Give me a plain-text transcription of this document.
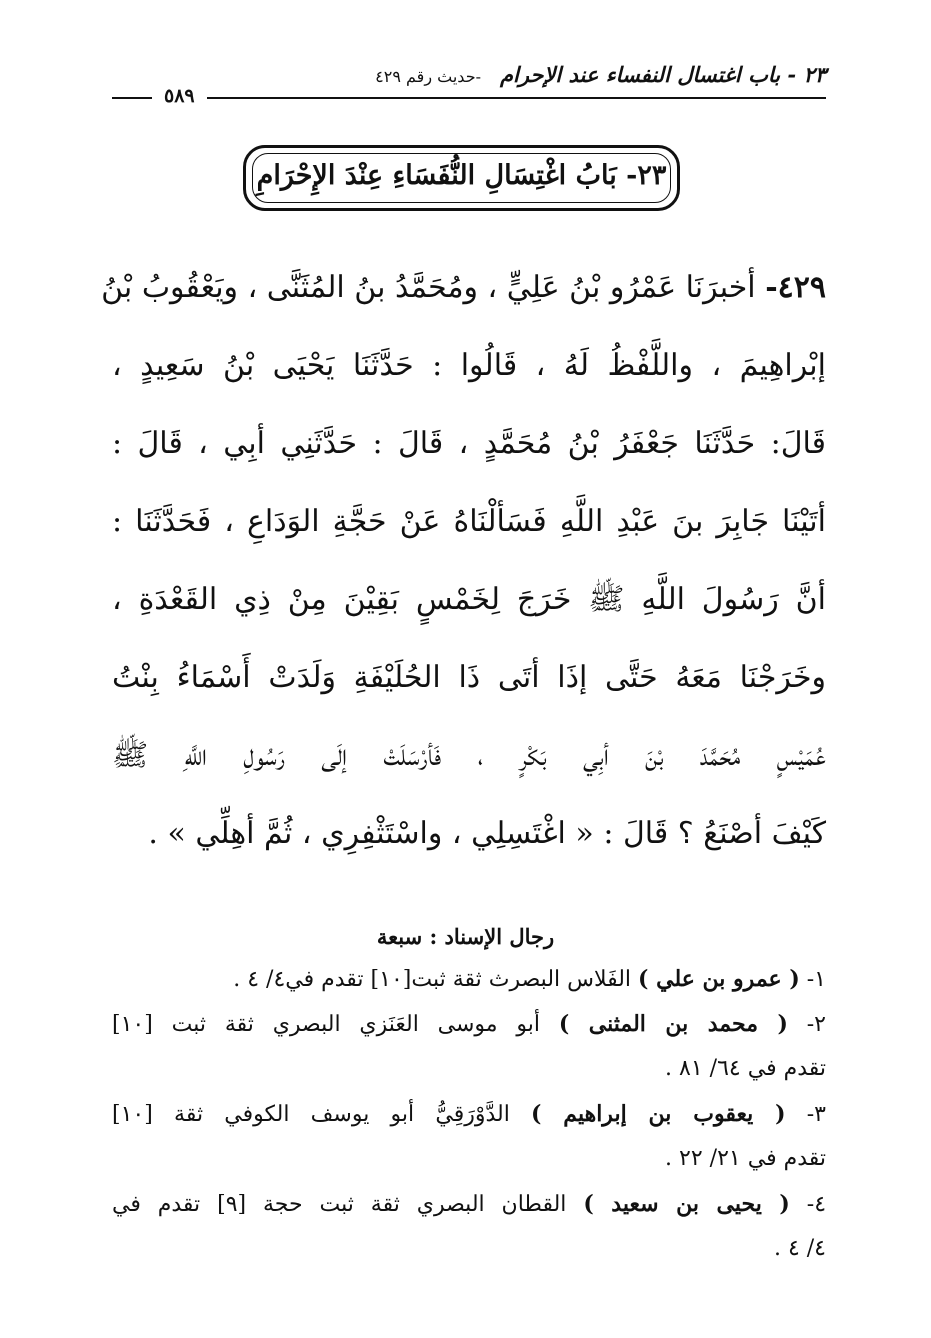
٢٣ - باب اغتسال النفساء عند الإحرام
-حديث رقم ٤٢٩
٥٨٩
٢٣- بَابُ اغْتِسَالِ النُّفَسَاءِ عِنْدَ الإِحْرَامِ
٤٢٩- أخبرَنَا عَمْرُو بْنُ عَلِيٍّ ، ومُحَمَّدُ بنُ المُثَنَّى ، ويَعْقُوبُ بْنُ
إبْراهِيمَ ، واللَّفْظُ لَهُ ، قَالُوا : حَدَّثَنَا يَحْيَى بْنُ سَعِيدٍ ،
قَالَ: حَدَّثَنَا جَعْفَرُ بْنُ مُحَمَّدٍ ، قَالَ : حَدَّثَنِي أبِي ، قَالَ :
أتَيْنَا جَابِرَ بنَ عَبْدِ اللَّهِ فَسَألْنَاهُ عَنْ حَجَّةِ الوَدَاعِ ، فَحَدَّثَنَا :
أنَّ رَسُولَ اللَّهِ ﷺ خَرَجَ لِخَمْسٍ بَقِيْنَ مِنْ ذِي القَعْدَةِ ،
وخَرَجْنَا مَعَهُ حَتَّى إذَا أتَى ذَا الحُلَيْفَةِ وَلَدَتْ أَسْمَاءُ بِنْتُ
عُمَيْسٍ مُحَمَّدَ بْنَ أبِي بَكْرٍ ، فَأرْسَلَتْ إلَى رَسُولِ اللَّهِ ﷺ
كَيْفَ أصْنَعُ ؟ قَالَ : « اغْتَسِلِي ، واسْتَثْفِرِي ، ثُمَّ أهِلِّي » .
رجال الإسناد : سبعة
١- ( عمرو بن علي ) الفَلاس البصرث ثقة ثبت[١٠] تقدم في٤/ ٤ .
٢- ( محمد بن المثنى ) أبو موسى العَنَزي البصري ثقة ثبت [١٠]
تقدم في ٦٤/ ٨١ .
٣- ( يعقوب بن إبراهيم ) الدَّوْرَقِيُّ أبو يوسف الكوفي ثقة [١٠]
تقدم في ٢١/ ٢٢ .
٤- ( يحيى بن سعيد ) القطان البصري ثقة ثبت حجة [٩] تقدم في
٤/ ٤ .
